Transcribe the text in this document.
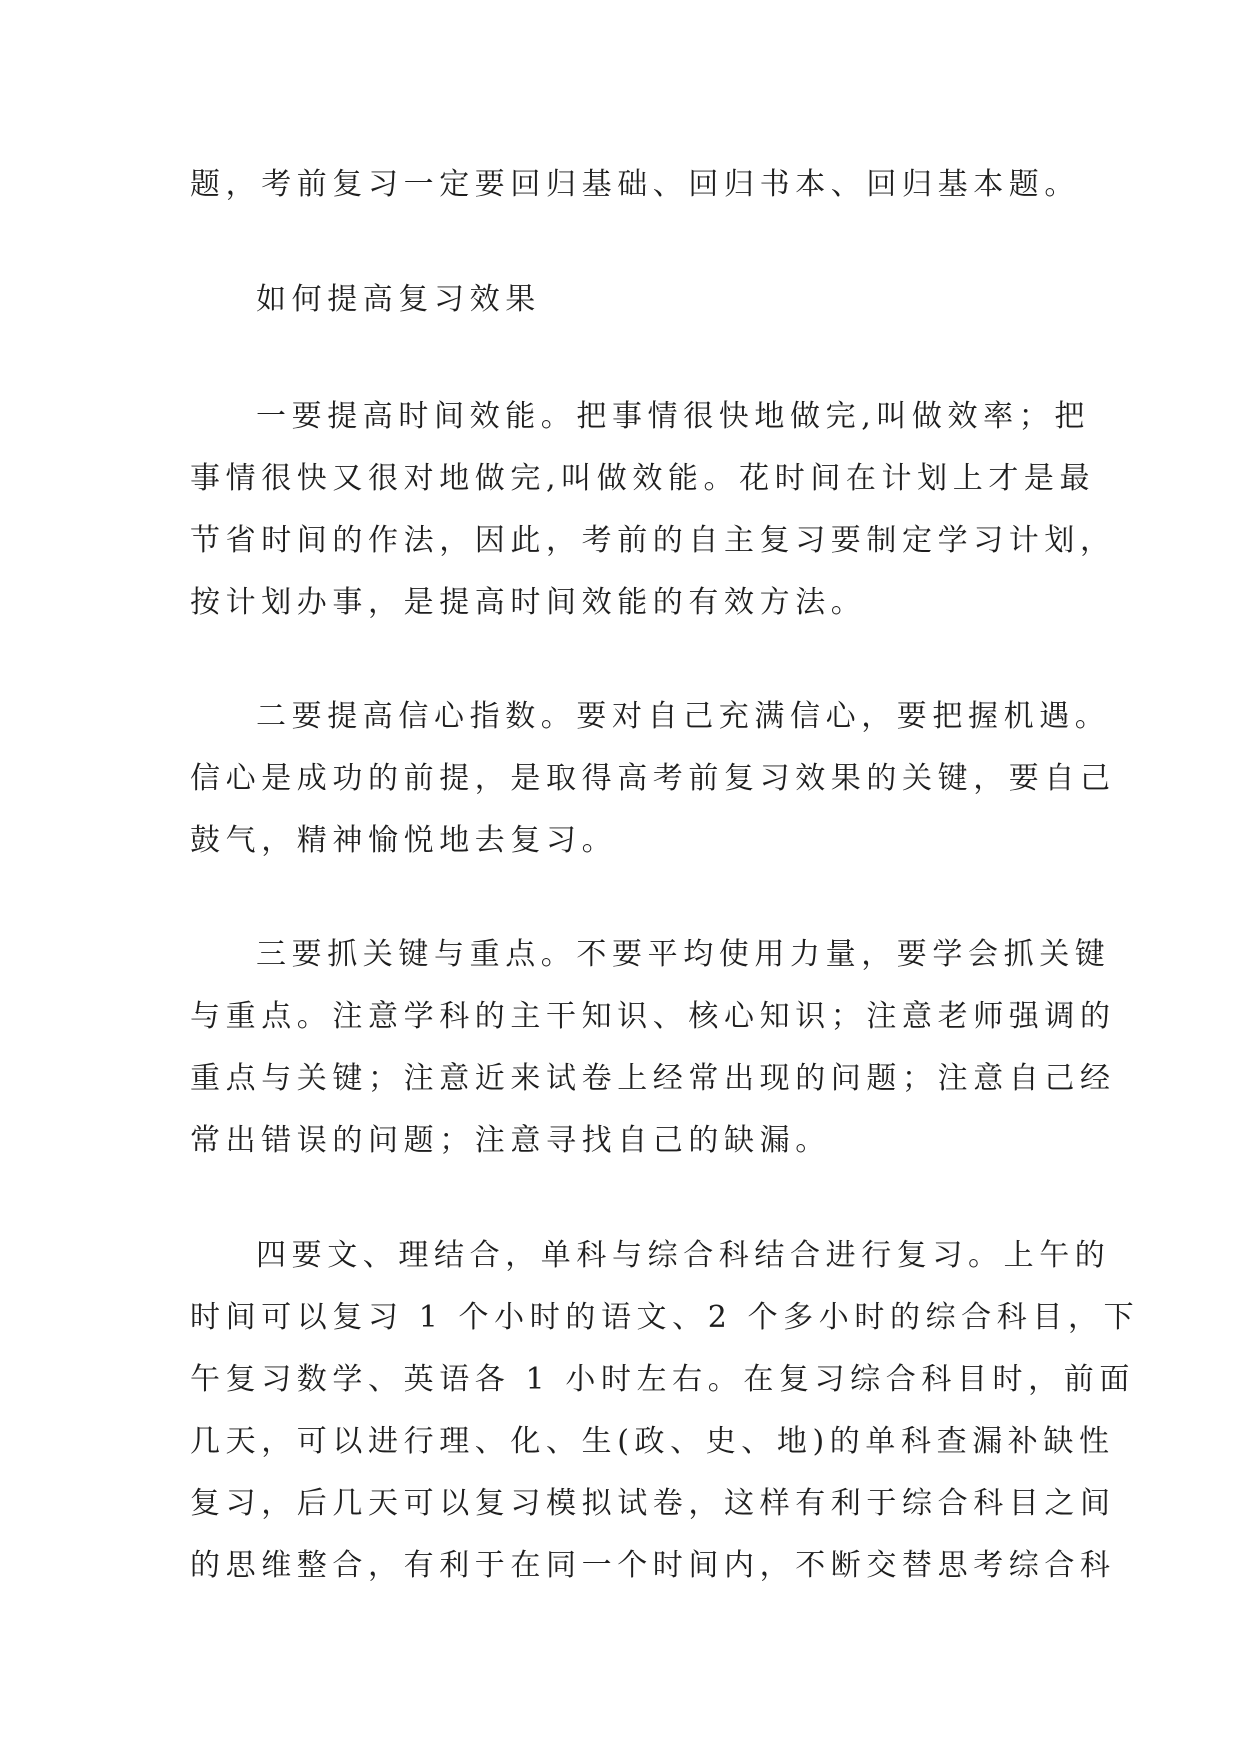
题，考前复习一定要回归基础、回归书本、回归基本题。

如何提高复习效果

一要提高时间效能。把事情很快地做完,叫做效率；把

事情很快又很对地做完,叫做效能。花时间在计划上才是最

节省时间的作法，因此，考前的自主复习要制定学习计划，

按计划办事，是提高时间效能的有效方法。

二要提高信心指数。要对自己充满信心，要把握机遇。

信心是成功的前提，是取得高考前复习效果的关键，要自己

鼓气，精神愉悦地去复习。

三要抓关键与重点。不要平均使用力量，要学会抓关键

与重点。注意学科的主干知识、核心知识；注意老师强调的

重点与关键；注意近来试卷上经常出现的问题；注意自己经

常出错误的问题；注意寻找自己的缺漏。

四要文、理结合，单科与综合科结合进行复习。上午的

时间可以复习 1 个小时的语文、2 个多小时的综合科目，下

午复习数学、英语各 1 小时左右。在复习综合科目时，前面

几天，可以进行理、化、生(政、史、地)的单科查漏补缺性

复习，后几天可以复习模拟试卷，这样有利于综合科目之间

的思维整合，有利于在同一个时间内，不断交替思考综合科
